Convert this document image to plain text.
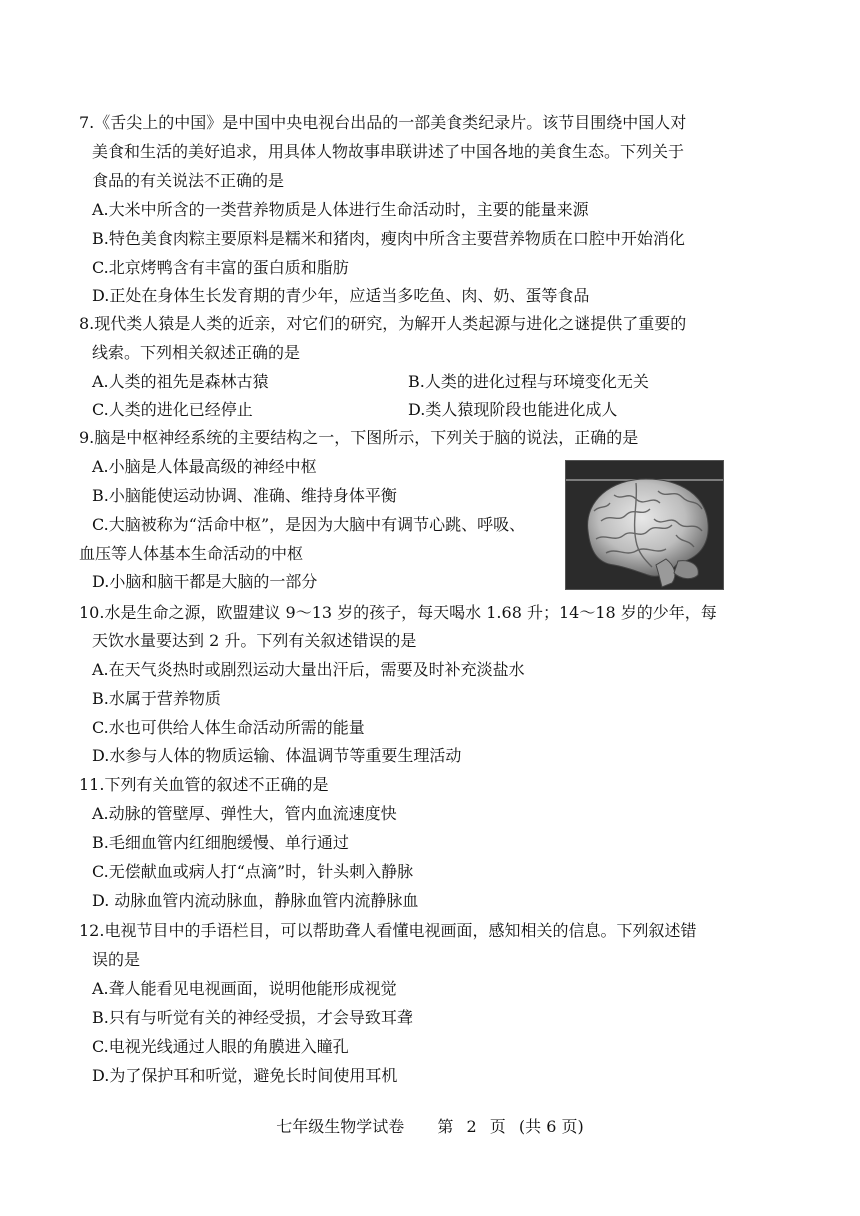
7.《舌尖上的中国》是中国中央电视台出品的一部美食类纪录片。该节目围绕中国人对
美食和生活的美好追求，用具体人物故事串联讲述了中国各地的美食生态。下列关于
食品的有关说法不正确的是
A.大米中所含的一类营养物质是人体进行生命活动时，主要的能量来源
B.特色美食肉粽主要原料是糯米和猪肉，瘦肉中所含主要营养物质在口腔中开始消化
C.北京烤鸭含有丰富的蛋白质和脂肪
D.正处在身体生长发育期的青少年，应适当多吃鱼、肉、奶、蛋等食品
8.现代类人猿是人类的近亲，对它们的研究，为解开人类起源与进化之谜提供了重要的
线索。下列相关叙述正确的是
A.人类的祖先是森林古猿	B.人类的进化过程与环境变化无关
C.人类的进化已经停止	D.类人猿现阶段也能进化成人
9.脑是中枢神经系统的主要结构之一，下图所示，下列关于脑的说法，正确的是
A.小脑是人体最高级的神经中枢
B.小脑能使运动协调、准确、维持身体平衡
C.大脑被称为“活命中枢”，是因为大脑中有调节心跳、呼吸、
血压等人体基本生命活动的中枢
D.小脑和脑干都是大脑的一部分
10.水是生命之源，欧盟建议 9～13 岁的孩子，每天喝水 1.68 升；14～18 岁的少年，每
天饮水量要达到 2 升。下列有关叙述错误的是
A.在天气炎热时或剧烈运动大量出汗后，需要及时补充淡盐水
B.水属于营养物质
C.水也可供给人体生命活动所需的能量
D.水参与人体的物质运输、体温调节等重要生理活动
11.下列有关血管的叙述不正确的是
A.动脉的管壁厚、弹性大，管内血流速度快
B.毛细血管内红细胞缓慢、单行通过
C.无偿献血或病人打“点滴”时，针头刺入静脉
D. 动脉血管内流动脉血，静脉血管内流静脉血
12.电视节目中的手语栏目，可以帮助聋人看懂电视画面，感知相关的信息。下列叙述错
误的是
A.聋人能看见电视画面，说明他能形成视觉
B.只有与听觉有关的神经受损，才会导致耳聋
C.电视光线通过人眼的角膜进入瞳孔
D.为了保护耳和听觉，避免长时间使用耳机
七年级生物学试卷 第 2 页 (共 6 页)
